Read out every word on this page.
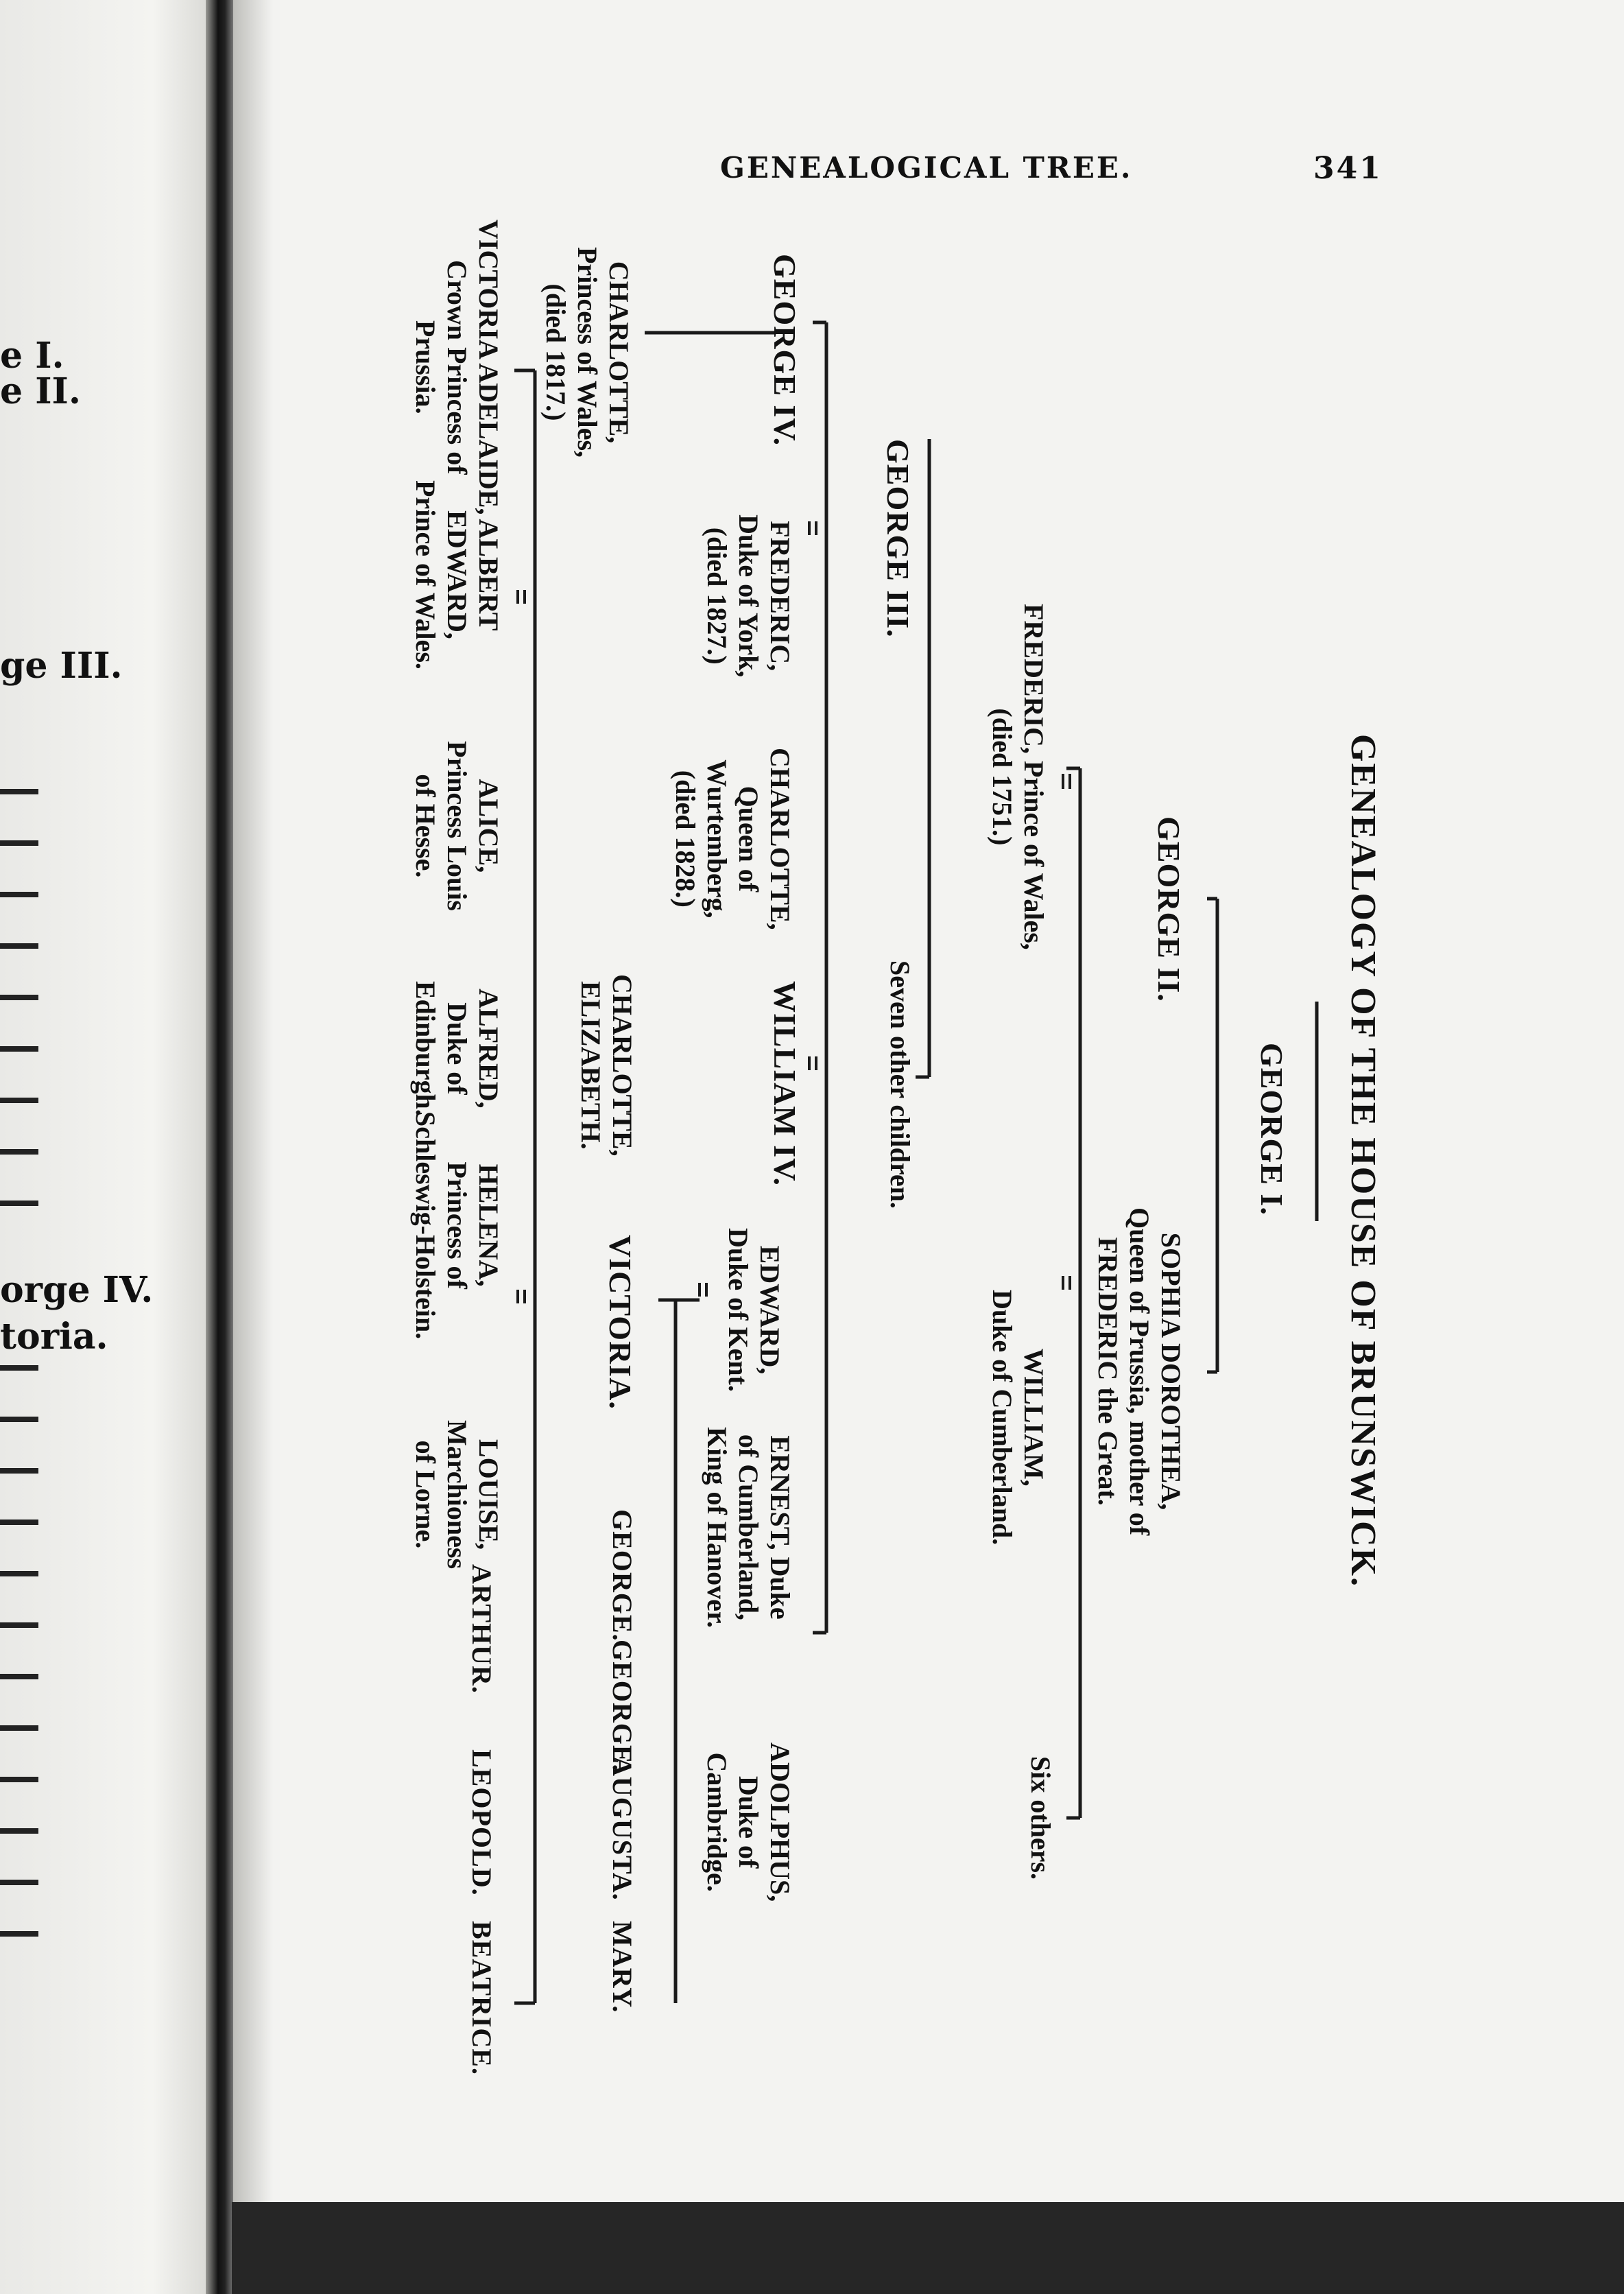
e I.
e II.
ge III.
orge IV.
toria.
GENEALOGICAL TREE.	341
GENEALOGY OF THE HOUSE OF BRUNSWICK.
GEORGE I.
GEORGE II.
SOPHIA DOROTHEA,
Queen of Prussia, mother of
FREDERIC the Great.
FREDERIC, Prince of Wales,
(died 1751.)
WILLIAM,
Duke of Cumberland.
Six others.
GEORGE III.
Seven other children.
GEORGE IV.
FREDERIC,
Duke of York,
(died 1827.)
CHARLOTTE,
Queen of
Wurtemberg,
(died 1828.)
WILLIAM IV.
EDWARD,
Duke of Kent.
ERNEST, Duke
of Cumberland,
King of Hanover.
ADOLPHUS,
Duke of
Cambridge.
CHARLOTTE,
Princess of Wales,
(died 1817.)
CHARLOTTE,
ELIZABETH.
VICTORIA.
GEORGE.
GEORGE.
AUGUSTA.
MARY.
VICTORIA ADELAIDE,
Crown Princess of
Prussia.
ALBERT
EDWARD,
Prince of Wales.
ALICE,
Princess Louis
of Hesse.
ALFRED,
Duke of
Edinburgh.
HELENA,
Princess of
Schleswig-Holstein.
LOUISE,
Marchioness
of Lorne.
ARTHUR.
LEOPOLD.
BEATRICE.
